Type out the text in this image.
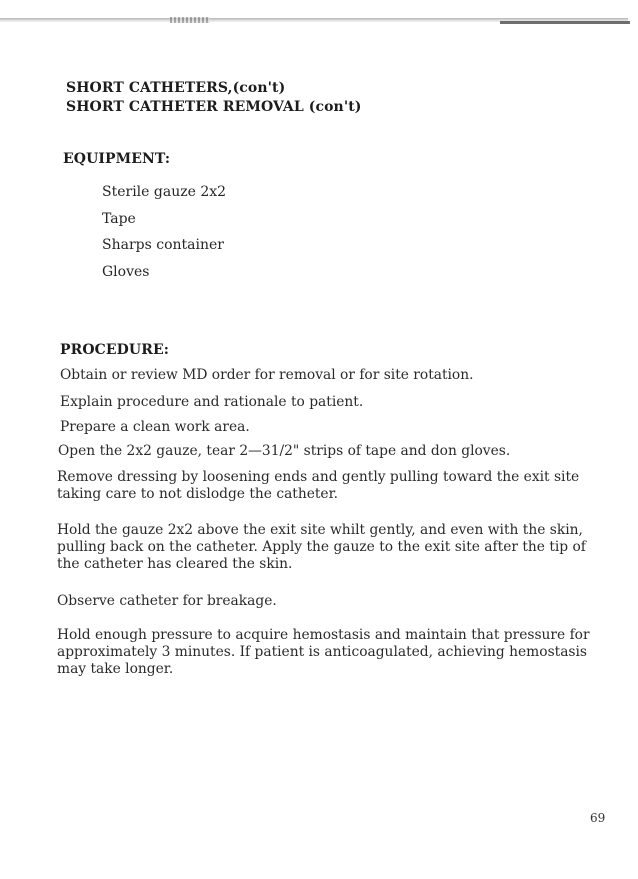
SHORT CATHETERS,(con't)
SHORT CATHETER REMOVAL (con't)
EQUIPMENT:
Sterile gauze 2x2
Tape
Sharps container
Gloves
PROCEDURE:

Obtain or review MD order for removal or for site rotation.

Explain procedure and rationale to patient.

Prepare a clean work area.

Open the 2x2 gauze, tear 2—31/2" strips of tape and don gloves.

Remove dressing by loosening ends and gently pulling toward the exit site taking care to not dislodge the catheter.

Hold the gauze 2x2 above the exit site whilt gently, and even with the skin, pulling back on the catheter. Apply the gauze to the exit site after the tip of the catheter has cleared the skin.

Observe catheter for breakage.

Hold enough pressure to acquire hemostasis and maintain that pressure for approximately 3 minutes. If patient is anticoagulated, achieving hemostasis may take longer.

69
